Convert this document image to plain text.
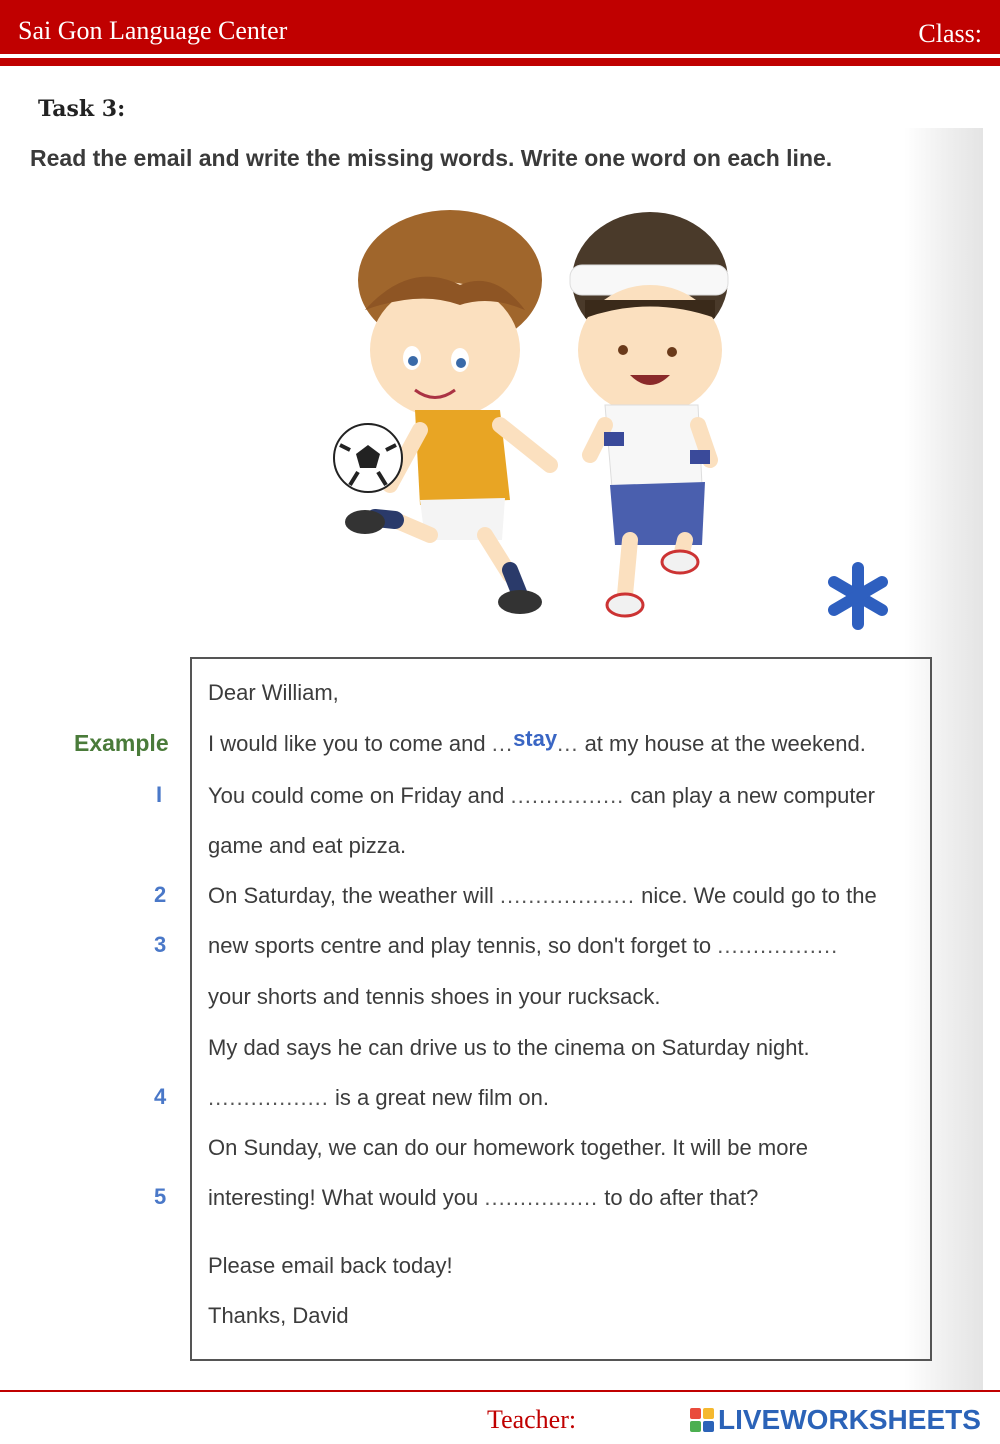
Sai Gon Language Center	Class:
Task 3:
Read the email and write the missing words. Write one word on each line.
Example
Dear William,
I would like you to come and ...stay... at my house at the weekend.
I You could come on Friday and ................ can play a new computer
game and eat pizza.
2 On Saturday, the weather will ................... nice. We could go to the
3 new sports centre and play tennis, so don't forget to .................
your shorts and tennis shoes in your rucksack.
My dad says he can drive us to the cinema on Saturday night.
4 ................. is a great new film on.
On Sunday, we can do our homework together. It will be more
5 interesting! What would you ................ to do after that?
Please email back today!
Thanks, David
Teacher:	LIVEWORKSHEETS
